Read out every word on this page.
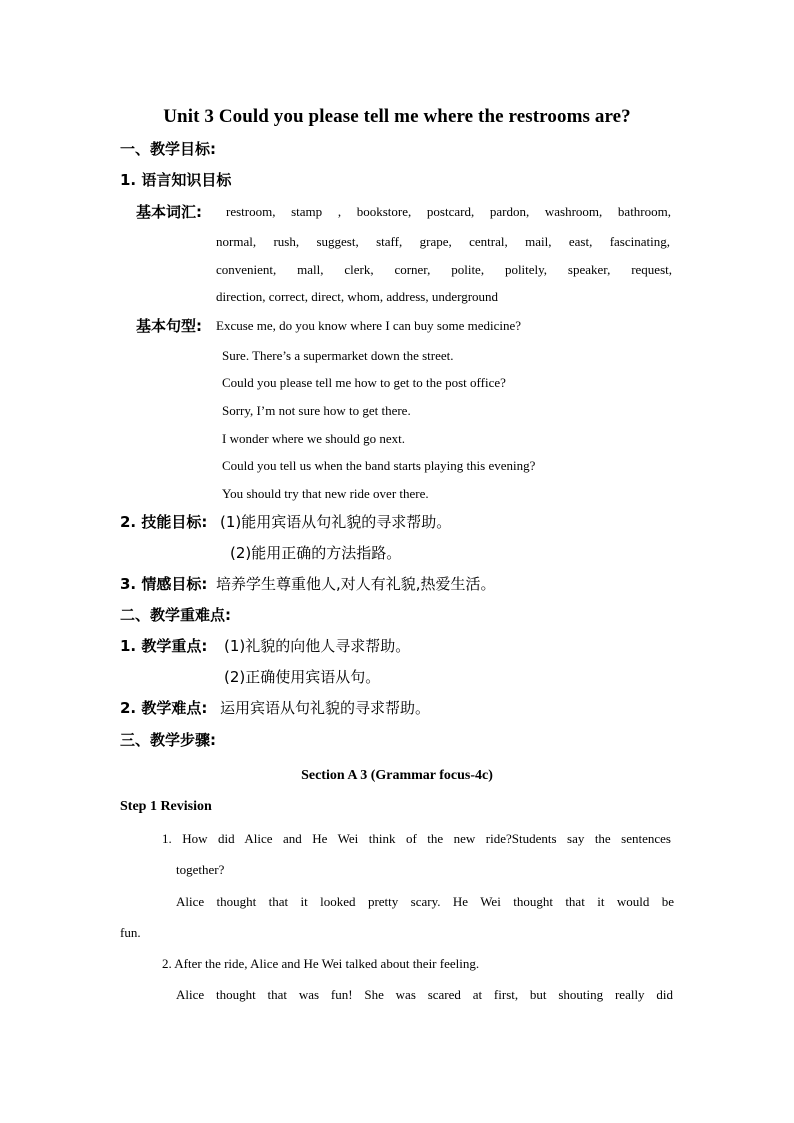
Unit 3 Could you please tell me where the restrooms are?
一、教学目标:
1. 语言知识目标
基本词汇: restroom, stamp , bookstore, postcard, pardon, washroom, bathroom,
normal, rush, suggest, staff, grape, central, mail, east, fascinating,
convenient, mall, clerk, corner, polite, politely, speaker, request,
direction, correct, direct, whom, address, underground
基本句型: Excuse me, do you know where I can buy some medicine?
Sure. There’s a supermarket down the street.
Could you please tell me how to get to the post office?
Sorry, I’m not sure how to get there.
I wonder where we should go next.
Could you tell us when the band starts playing this evening?
You should try that new ride over there.
2. 技能目标: (1)能用宾语从句礼貌的寻求帮助。
(2)能用正确的方法指路。
3. 情感目标: 培养学生尊重他人,对人有礼貌,热爱生活。
二、教学重难点:
1. 教学重点: (1)礼貌的向他人寻求帮助。
(2)正确使用宾语从句。
2. 教学难点: 运用宾语从句礼貌的寻求帮助。
三、教学步骤:
Section A 3 (Grammar focus-4c)
Step 1 Revision
1. How did Alice and He Wei think of the new ride?Students say the sentences
together?
Alice thought that it looked pretty scary. He Wei thought that it would be
fun.
2. After the ride, Alice and He Wei talked about their feeling.
Alice thought that was fun! She was scared at first, but shouting really did
